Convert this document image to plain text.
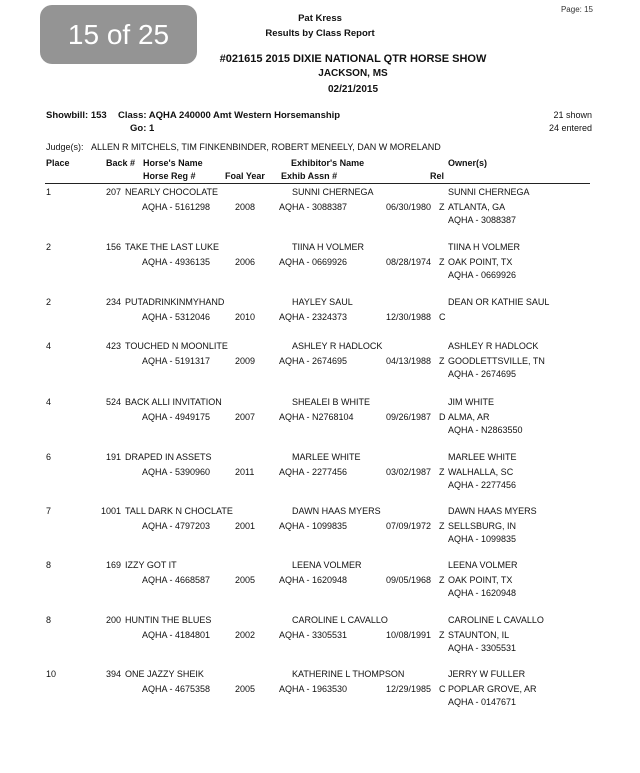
Page: 15
Pat Kress
Results by Class Report
#021615 2015 DIXIE NATIONAL QTR HORSE SHOW
JACKSON, MS
02/21/2015
15 of 25
Showbill: 153 Class: AQHA 240000 Amt Western Horsemanship
Go: 1
21 shown
24 entered
Judge(s): ALLEN R MITCHELS, TIM FINKENBINDER, ROBERT MENEELY, DAN W MORELAND
Place	Back # Horse's Name	Exhibitor's Name	Owner(s)
Horse Reg #	Foal Year Exhib Assn #	Rel
1	207 NEARLY CHOCOLATE	SUNNI CHERNEGA	SUNNI CHERNEGA
AQHA - 5161298	2008	AQHA - 3088387	06/30/1980 Z ATLANTA, GA
AQHA - 3088387
2	156 TAKE THE LAST LUKE	TIINA H VOLMER	TIINA H VOLMER
AQHA - 4936135	2006	AQHA - 0669926	08/28/1974 Z OAK POINT, TX
AQHA - 0669926
2	234 PUTADRINKINMYHAND	HAYLEY SAUL	DEAN OR KATHIE SAUL
AQHA - 5312046	2010	AQHA - 2324373	12/30/1988 C
4	423 TOUCHED N MOONLITE	ASHLEY R HADLOCK	ASHLEY R HADLOCK
AQHA - 5191317	2009	AQHA - 2674695	04/13/1988 Z GOODLETTSVILLE, TN
AQHA - 2674695
4	524 BACK ALLI INVITATION	SHEALEI B WHITE	JIM WHITE
AQHA - 4949175	2007	AQHA - N2768104	09/26/1987 D ALMA, AR
AQHA - N2863550
6	191 DRAPED IN ASSETS	MARLEE WHITE	MARLEE WHITE
AQHA - 5390960	2011	AQHA - 2277456	03/02/1987 Z WALHALLA, SC
AQHA - 2277456
7	1001 TALL DARK N CHOCLATE	DAWN HAAS MYERS	DAWN HAAS MYERS
AQHA - 4797203	2001	AQHA - 1099835	07/09/1972 Z SELLSBURG, IN
AQHA - 1099835
8	169 IZZY GOT IT	LEENA VOLMER	LEENA VOLMER
AQHA - 4668587	2005	AQHA - 1620948	09/05/1968 Z OAK POINT, TX
AQHA - 1620948
8	200 HUNTIN THE BLUES	CAROLINE L CAVALLO	CAROLINE L CAVALLO
AQHA - 4184801	2002	AQHA - 3305531	10/08/1991 Z STAUNTON, IL
AQHA - 3305531
10	394 ONE JAZZY SHEIK	KATHERINE L THOMPSON	JERRY W FULLER
AQHA - 4675358	2005	AQHA - 1963530	12/29/1985 C POPLAR GROVE, AR
AQHA - 0147671
